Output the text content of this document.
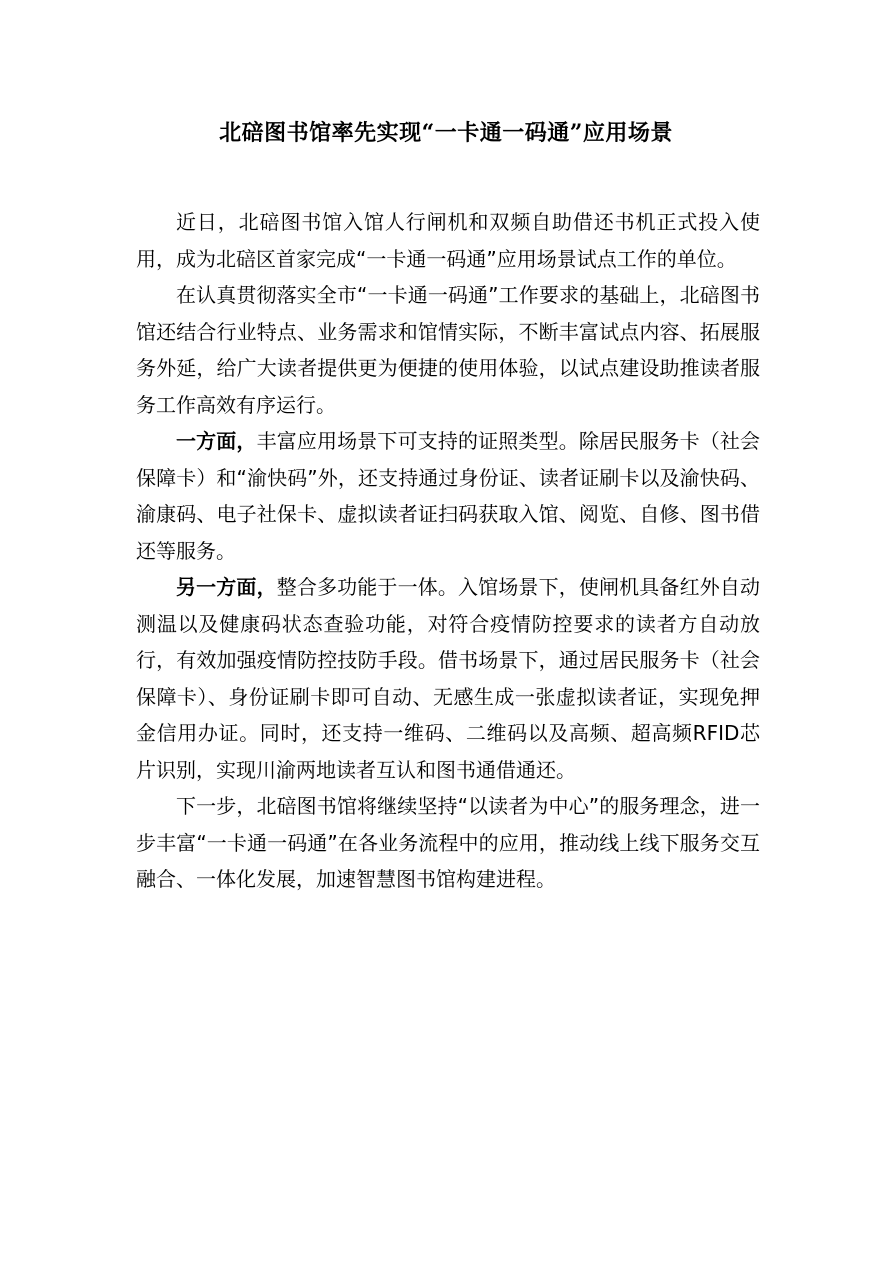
北碚图书馆率先实现“一卡通一码通”应用场景

近日，北碚图书馆入馆人行闸机和双频自助借还书机正式投入使用，成为北碚区首家完成“一卡通一码通”应用场景试点工作的单位。

在认真贯彻落实全市“一卡通一码通”工作要求的基础上，北碚图书馆还结合行业特点、业务需求和馆情实际，不断丰富试点内容、拓展服务外延，给广大读者提供更为便捷的使用体验，以试点建设助推读者服务工作高效有序运行。

一方面，丰富应用场景下可支持的证照类型。除居民服务卡（社会保障卡）和“渝快码”外，还支持通过身份证、读者证刷卡以及渝快码、渝康码、电子社保卡、虚拟读者证扫码获取入馆、阅览、自修、图书借还等服务。

另一方面，整合多功能于一体。入馆场景下，使闸机具备红外自动测温以及健康码状态查验功能，对符合疫情防控要求的读者方自动放行，有效加强疫情防控技防手段。借书场景下，通过居民服务卡（社会保障卡）、身份证刷卡即可自动、无感生成一张虚拟读者证，实现免押金信用办证。同时，还支持一维码、二维码以及高频、超高频RFID芯片识别，实现川渝两地读者互认和图书通借通还。

下一步，北碚图书馆将继续坚持“以读者为中心”的服务理念，进一步丰富“一卡通一码通”在各业务流程中的应用，推动线上线下服务交互融合、一体化发展，加速智慧图书馆构建进程。
